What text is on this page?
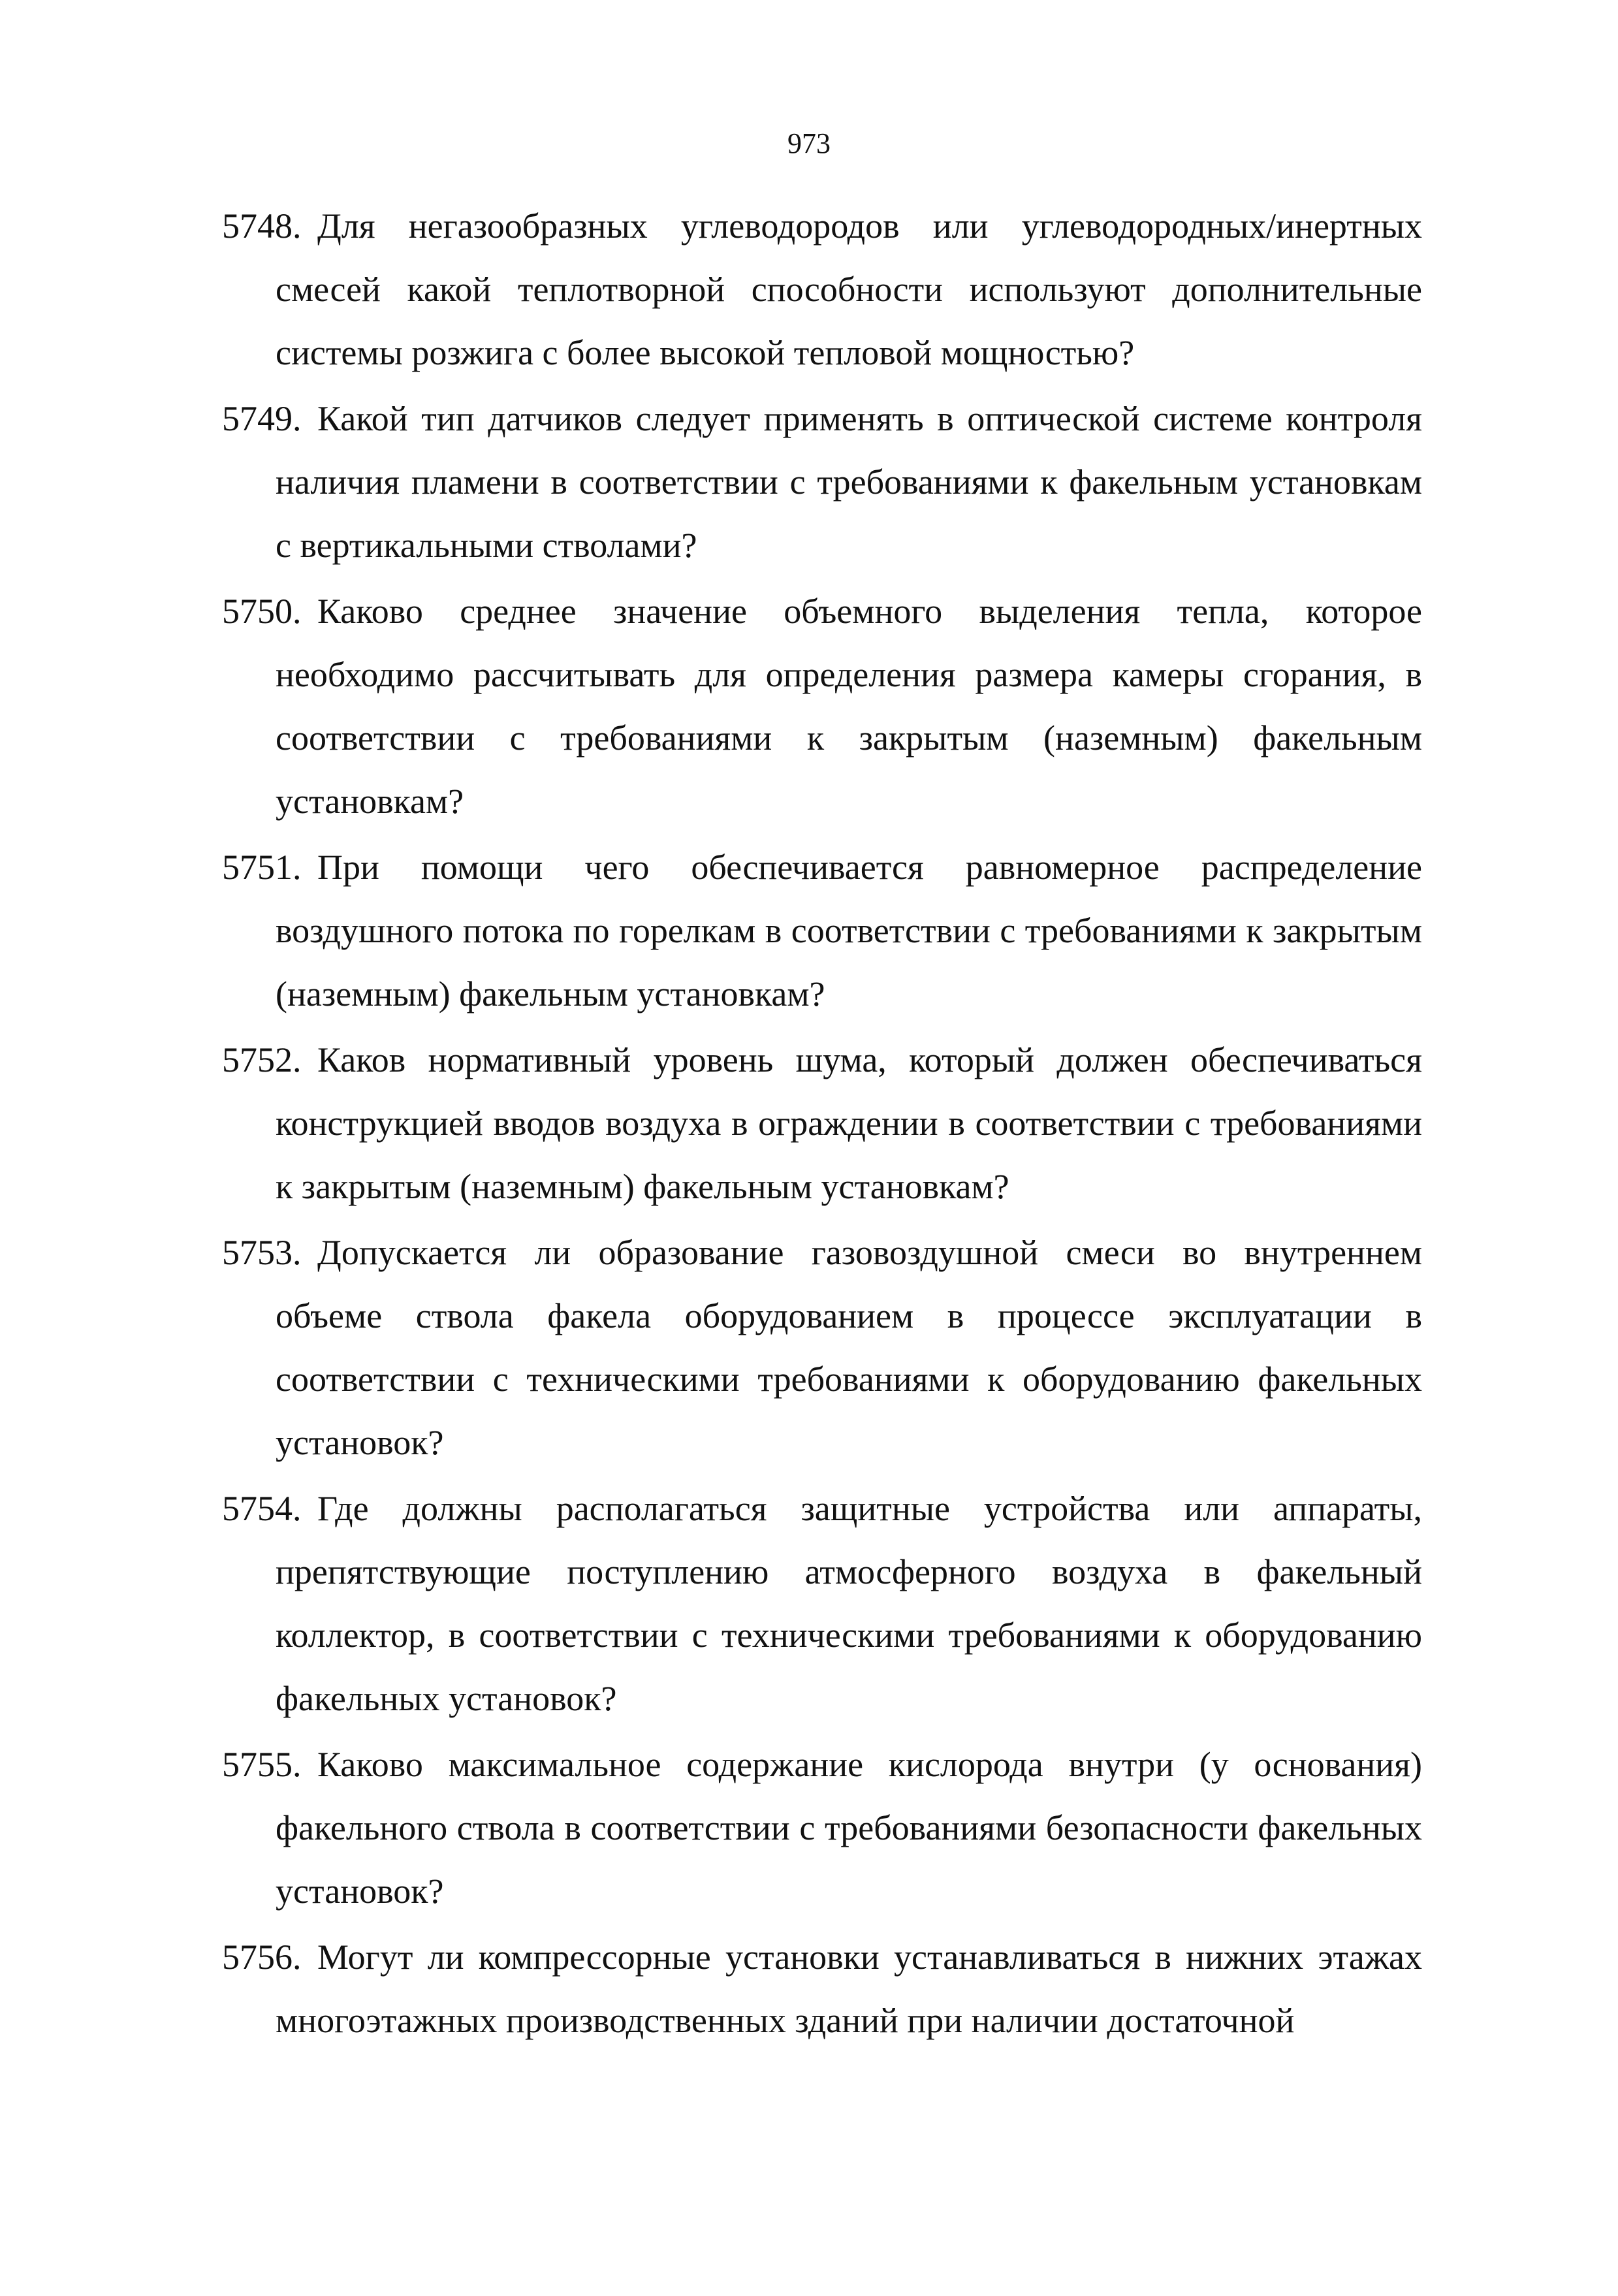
973
5748. Для негазообразных углеводородов или углеводородных/инертных смесей какой теплотворной способности используют дополнительные системы розжига с более высокой тепловой мощностью?
5749. Какой тип датчиков следует применять в оптической системе контроля наличия пламени в соответствии с требованиями к факельным установкам с вертикальными стволами?
5750. Каково среднее значение объемного выделения тепла, которое необходимо рассчитывать для определения размера камеры сгорания, в соответствии с требованиями к закрытым (наземным) факельным установкам?
5751. При помощи чего обеспечивается равномерное распределение воздушного потока по горелкам в соответствии с требованиями к закрытым (наземным) факельным установкам?
5752. Каков нормативный уровень шума, который должен обеспечиваться конструкцией вводов воздуха в ограждении в соответствии с требованиями к закрытым (наземным) факельным установкам?
5753. Допускается ли образование газовоздушной смеси во внутреннем объеме ствола факела оборудованием в процессе эксплуатации в соответствии с техническими требованиями к оборудованию факельных установок?
5754. Где должны располагаться защитные устройства или аппараты, препятствующие поступлению атмосферного воздуха в факельный коллектор, в соответствии с техническими требованиями к оборудованию факельных установок?
5755. Каково максимальное содержание кислорода внутри (у основания) факельного ствола в соответствии с требованиями безопасности факельных установок?
5756. Могут ли компрессорные установки устанавливаться в нижних этажах многоэтажных производственных зданий при наличии достаточной
